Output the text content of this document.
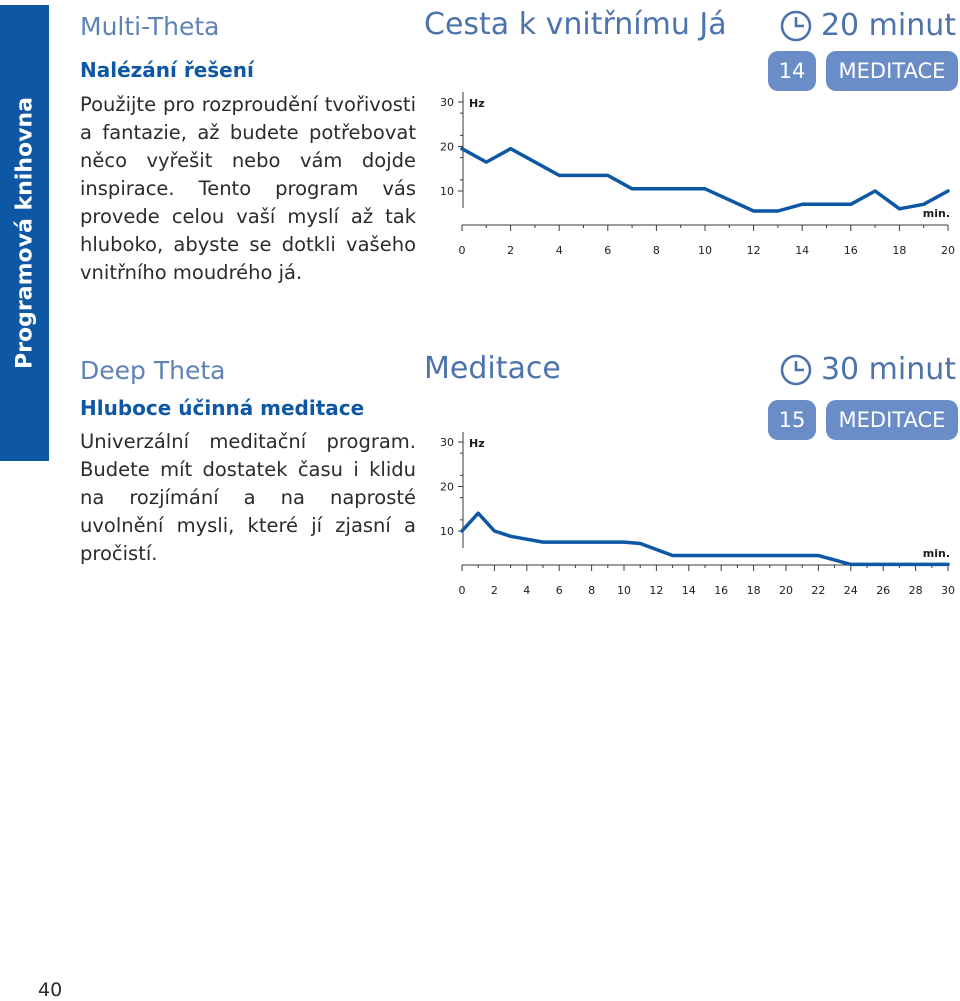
Programová knihovna
Multi-Theta
Nalézání řešení
Použijte pro rozproudění tvořivosti a fantazie, až budete potřebovat něco vyřešit nebo vám dojde inspirace. Tento program vás provede celou vaší myslí až tak hluboko, abyste se dotkli vašeho vnitřního moudrého já.
Cesta k vnitřnímu Já	20 minut
14	MEDITACE
10
20
30 Hz
0	2	4	6	8	10	12	14	16	18	20
min.
Deep Theta
Hluboce účinná meditace
Univerzální meditační program. Budete mít dostatek času i klidu na rozjímání a na naprosté uvolnění mysli, které jí zjasní a pročistí.
Meditace	30 minut
15	MEDITACE
10
20
30 Hz
0 2 4 6 8 10 12 14 16 18 20 22 24 26 28 30
min.
40
